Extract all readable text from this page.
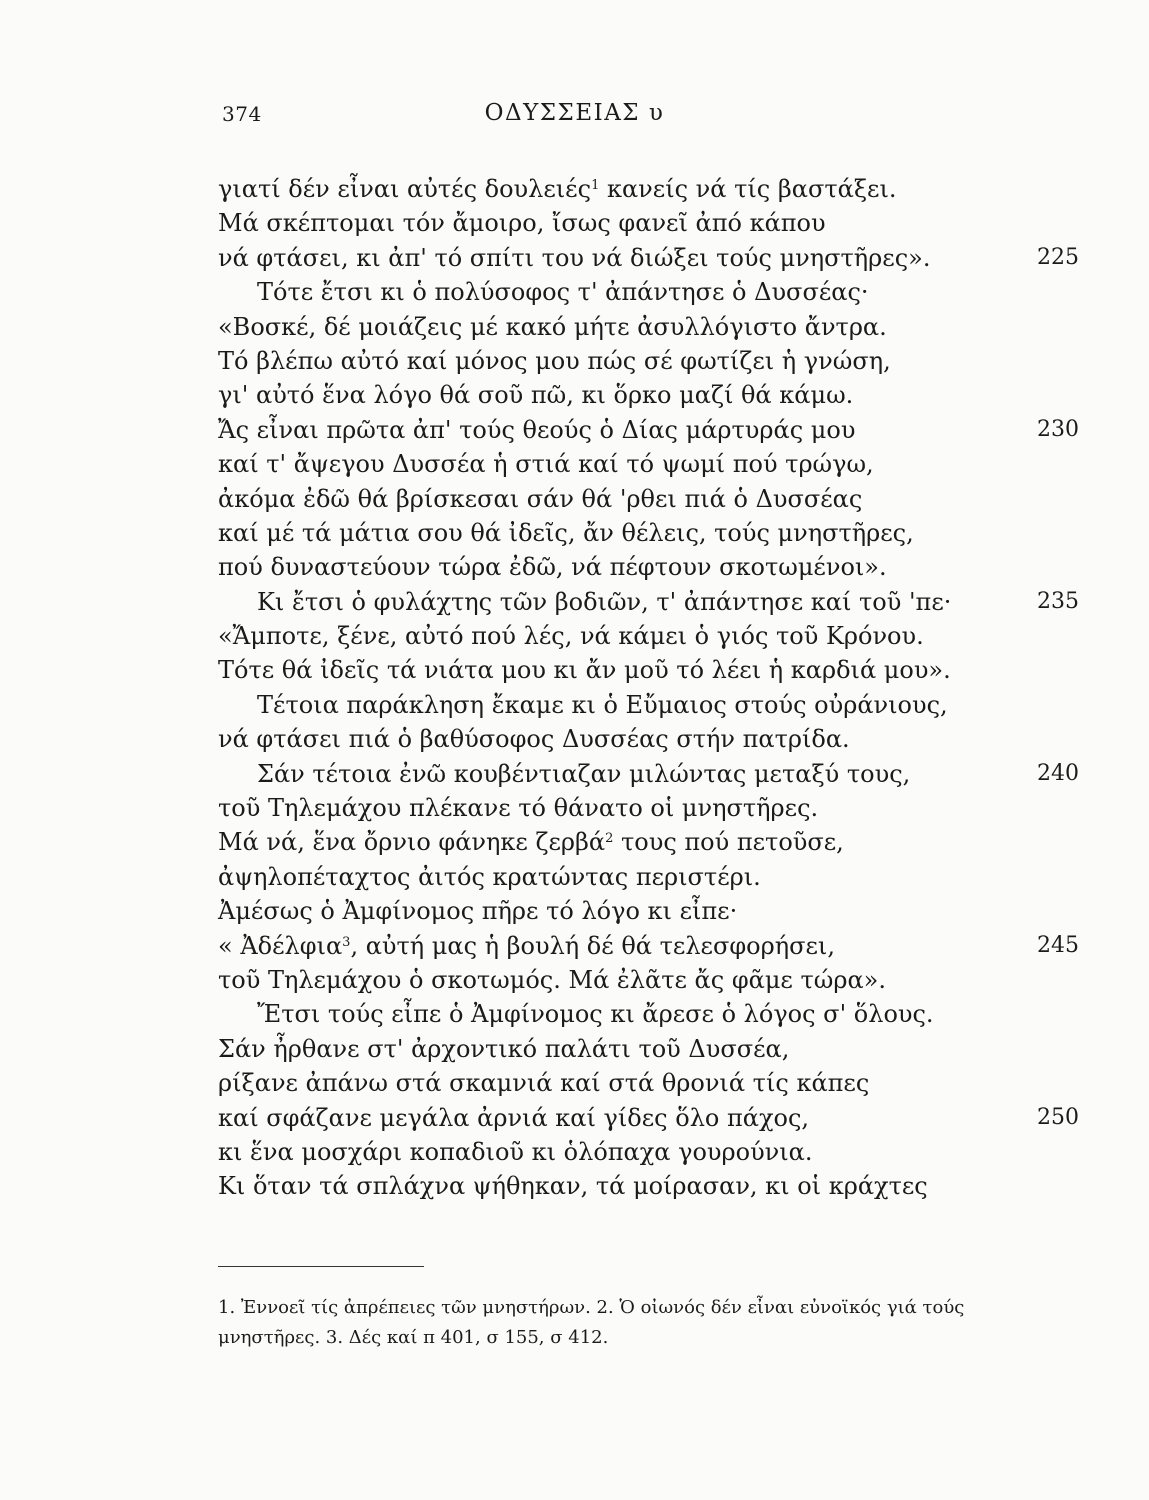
374	ΟΔΥΣΣΕΙΑΣ υ
γιατί δέν εἶναι αὐτές δουλειές$^1$ κανείς νά τίς βαστάξει.
Μά σκέπτομαι τόν ἄμοιρο, ἴσως φανεῖ ἀπό κάπου
νά φτάσει, κι ἀπ' τό σπίτι του νά διώξει τούς μνηστῆρες».	225
Τότε ἔτσι κι ὁ πολύσοφος τ' ἀπάντησε ὁ Δυσσέας·
«Βοσκέ, δέ μοιάζεις μέ κακό μήτε ἀσυλλόγιστο ἄντρα.
Τό βλέπω αὐτό καί μόνος μου πώς σέ φωτίζει ἡ γνώση,
γι' αὐτό ἕνα λόγο θά σοῦ πῶ, κι ὅρκο μαζί θά κάμω.
Ἄς εἶναι πρῶτα ἀπ' τούς θεούς ὁ Δίας μάρτυράς μου	230
καί τ' ἄψεγου Δυσσέα ἡ στιά καί τό ψωμί πού τρώγω,
ἀκόμα ἐδῶ θά βρίσκεσαι σάν θά 'ρθει πιά ὁ Δυσσέας
καί μέ τά μάτια σου θά ἰδεῖς, ἄν θέλεις, τούς μνηστῆρες,
πού δυναστεύουν τώρα ἐδῶ, νά πέφτουν σκοτωμένοι».
Κι ἔτσι ὁ φυλάχτης τῶν βοδιῶν, τ' ἀπάντησε καί τοῦ 'πε·	235
«Ἄμποτε, ξένε, αὐτό πού λές, νά κάμει ὁ γιός τοῦ Κρόνου.
Τότε θά ἰδεῖς τά νιάτα μου κι ἄν μοῦ τό λέει ἡ καρδιά μου».
Τέτοια παράκληση ἔκαμε κι ὁ Εὔμαιος στούς οὐράνιους,
νά φτάσει πιά ὁ βαθύσοφος Δυσσέας στήν πατρίδα.
Σάν τέτοια ἐνῶ κουβέντιαζαν μιλώντας μεταξύ τους,	240
τοῦ Τηλεμάχου πλέκανε τό θάνατο οἱ μνηστῆρες.
Μά νά, ἕνα ὄρνιο φάνηκε ζερβά$^2$ τους πού πετοῦσε,
ἀψηλοπέταχτος ἀιτός κρατώντας περιστέρι.
Ἀμέσως ὁ Ἀμφίνομος πῆρε τό λόγο κι εἶπε·
« Ἀδέλφια$^3$, αὐτή μας ἡ βουλή δέ θά τελεσφορήσει,	245
τοῦ Τηλεμάχου ὁ σκοτωμός. Μά ἐλᾶτε ἄς φᾶμε τώρα».
Ἔτσι τούς εἶπε ὁ Ἀμφίνομος κι ἄρεσε ὁ λόγος σ' ὅλους.
Σάν ἦρθανε στ' ἀρχοντικό παλάτι τοῦ Δυσσέα,
ρίξανε ἀπάνω στά σκαμνιά καί στά θρονιά τίς κάπες
καί σφάζανε μεγάλα ἀρνιά καί γίδες ὅλο πάχος,	250
κι ἕνα μοσχάρι κοπαδιοῦ κι ὁλόπαχα γουρούνια.
Κι ὅταν τά σπλάχνα ψήθηκαν, τά μοίρασαν, κι οἱ κράχτες
1. Ἐννοεῖ τίς ἀπρέπειες τῶν μνηστήρων. 2. Ὁ οἰωνός δέν εἶναι εὐνοϊκός γιά τούς
μνηστῆρες. 3. Δές καί π 401, σ 155, σ 412.
